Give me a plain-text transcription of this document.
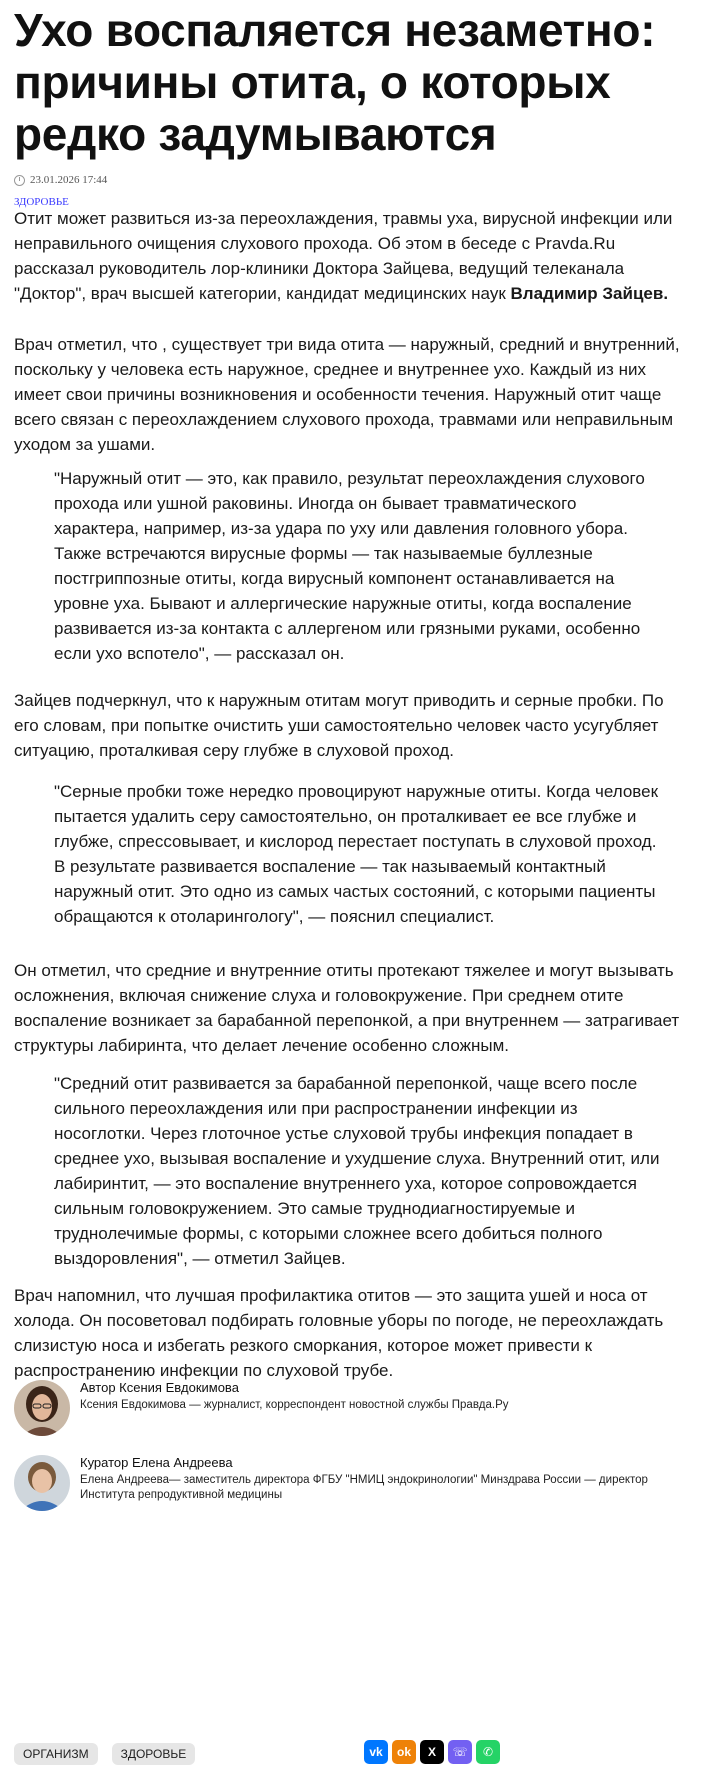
Ухо воспаляется незаметно: причины отита, о которых редко задумываются
23.01.2026 17:44
ЗДОРОВЬЕ

Отит может развиться из-за переохлаждения, травмы уха, вирусной инфекции или неправильного очищения слухового прохода. Об этом в беседе с Pravda.Ru рассказал руководитель лор-клиники Доктора Зайцева, ведущий телеканала "Доктор", врач высшей категории, кандидат медицинских наук Владимир Зайцев.

Врач отметил, что , существует три вида отита — наружный, средний и внутренний, поскольку у человека есть наружное, среднее и внутреннее ухо. Каждый из них имеет свои причины возникновения и особенности течения. Наружный отит чаще всего связан с переохлаждением слухового прохода, травмами или неправильным уходом за ушами.

"Наружный отит — это, как правило, результат переохлаждения слухового прохода или ушной раковины. Иногда он бывает травматического характера, например, из-за удара по уху или давления головного убора. Также встречаются вирусные формы — так называемые буллезные постгриппозные отиты, когда вирусный компонент останавливается на уровне уха. Бывают и аллергические наружные отиты, когда воспаление развивается из-за контакта с аллергеном или грязными руками, особенно если ухо вспотело", — рассказал он.

Зайцев подчеркнул, что к наружным отитам могут приводить и серные пробки. По его словам, при попытке очистить уши самостоятельно человек часто усугубляет ситуацию, проталкивая серу глубже в слуховой проход.

"Серные пробки тоже нередко провоцируют наружные отиты. Когда человек пытается удалить серу самостоятельно, он проталкивает ее все глубже и глубже, спрессовывает, и кислород перестает поступать в слуховой проход. В результате развивается воспаление — так называемый контактный наружный отит. Это одно из самых частых состояний, с которыми пациенты обращаются к отоларингологу", — пояснил специалист.

Он отметил, что средние и внутренние отиты протекают тяжелее и могут вызывать осложнения, включая снижение слуха и головокружение. При среднем отите воспаление возникает за барабанной перепонкой, а при внутреннем — затрагивает структуры лабиринта, что делает лечение особенно сложным.

"Средний отит развивается за барабанной перепонкой, чаще всего после сильного переохлаждения или при распространении инфекции из носоглотки. Через глоточное устье слуховой трубы инфекция попадает в среднее ухо, вызывая воспаление и ухудшение слуха. Внутренний отит, или лабиринтит, — это воспаление внутреннего уха, которое сопровождается сильным головокружением. Это самые труднодиагностируемые и труднолечимые формы, с которыми сложнее всего добиться полного выздоровления", — отметил Зайцев.

Врач напомнил, что лучшая профилактика отитов — это защита ушей и носа от холода. Он посоветовал подбирать головные уборы по погоде, не переохлаждать слизистую носа и избегать резкого сморкания, которое может привести к распространению инфекции по слуховой трубе.

Автор Ксения Евдокимова
Ксения Евдокимова — журналист, корреспондент новостной службы Правда.Ру
Куратор Елена Андреева
Елена Андреева— заместитель директора ФГБУ "НМИЦ эндокринологии" Минздрава России — директор Института репродуктивной медицины
ОРГАНИЗМ	ЗДОРОВЬЕ	vk	ok	X	☏	✆
